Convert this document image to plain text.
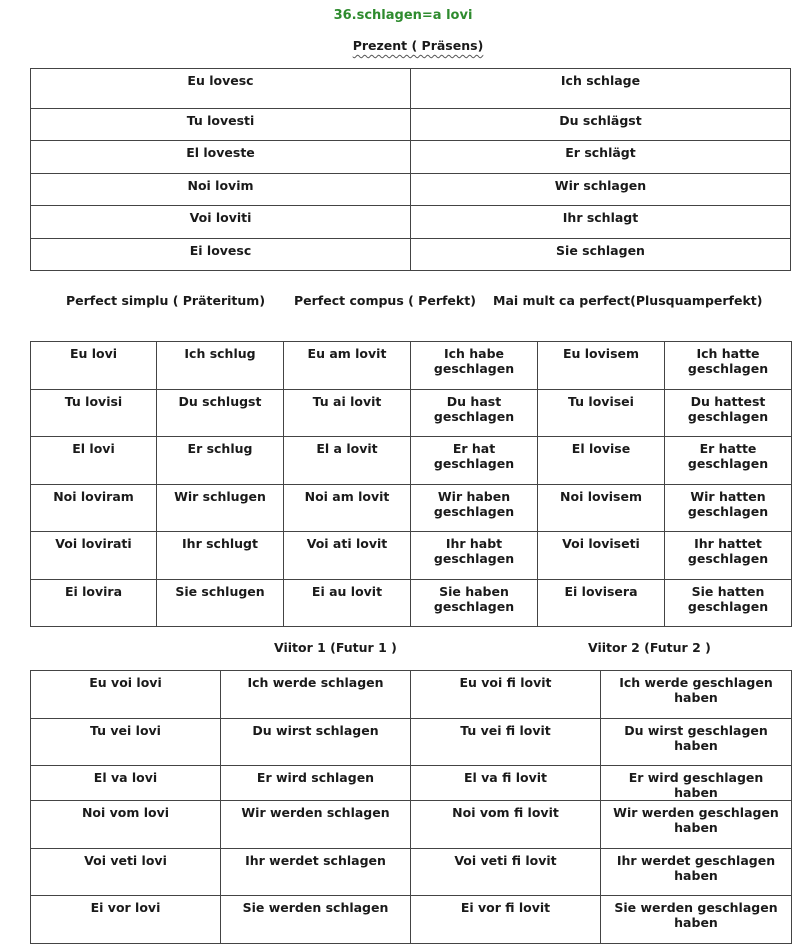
36.schlagen=a lovi
Prezent ( Präsens)
Eu lovesc	Ich schlage
Tu lovesti	Du schlägst
El loveste	Er schlägt
Noi lovim	Wir schlagen
Voi loviti	Ihr schlagt
Ei lovesc	Sie schlagen
Perfect simplu ( Präteritum) Perfect compus ( Perfekt) Mai mult ca perfect(Plusquamperfekt)
Eu lovi	Ich schlug	Eu am lovit	Ich habe geschlagen	Eu lovisem	Ich hatte geschlagen
Tu lovisi	Du schlugst	Tu ai lovit	Du hast geschlagen	Tu loviseі	Du hattest geschlagen
El lovi	Er schlug	El a lovit	Er hat geschlagen	El lovise	Er hatte geschlagen
Noi loviram	Wir schlugen	Noi am lovit	Wir haben geschlagen	Noi lovisem	Wir hatten geschlagen
Voi lovirati	Ihr schlugt	Voi ati lovit	Ihr habt geschlagen	Voi loviseti	Ihr hattet geschlagen
Ei lovira	Sie schlugen	Ei au lovit	Sie haben geschlagen	Ei lovisera	Sie hatten geschlagen
Viitor 1 (Futur 1 )	Viitor 2 (Futur 2 )
Eu voi lovi	Ich werde schlagen	Eu voi fi lovit	Ich werde geschlagen haben
Tu vei lovi	Du wirst schlagen	Tu vei fi lovit	Du wirst geschlagen haben
El va lovi	Er wird schlagen	El va fi lovit	Er wird geschlagen haben
Noi vom lovi	Wir werden schlagen	Noi vom fi lovit	Wir werden geschlagen haben
Voi veti lovi	Ihr werdet schlagen	Voi veti fi lovit	Ihr werdet geschlagen haben
Ei vor lovi	Sie werden schlagen	Ei vor fi lovit	Sie werden geschlagen haben
